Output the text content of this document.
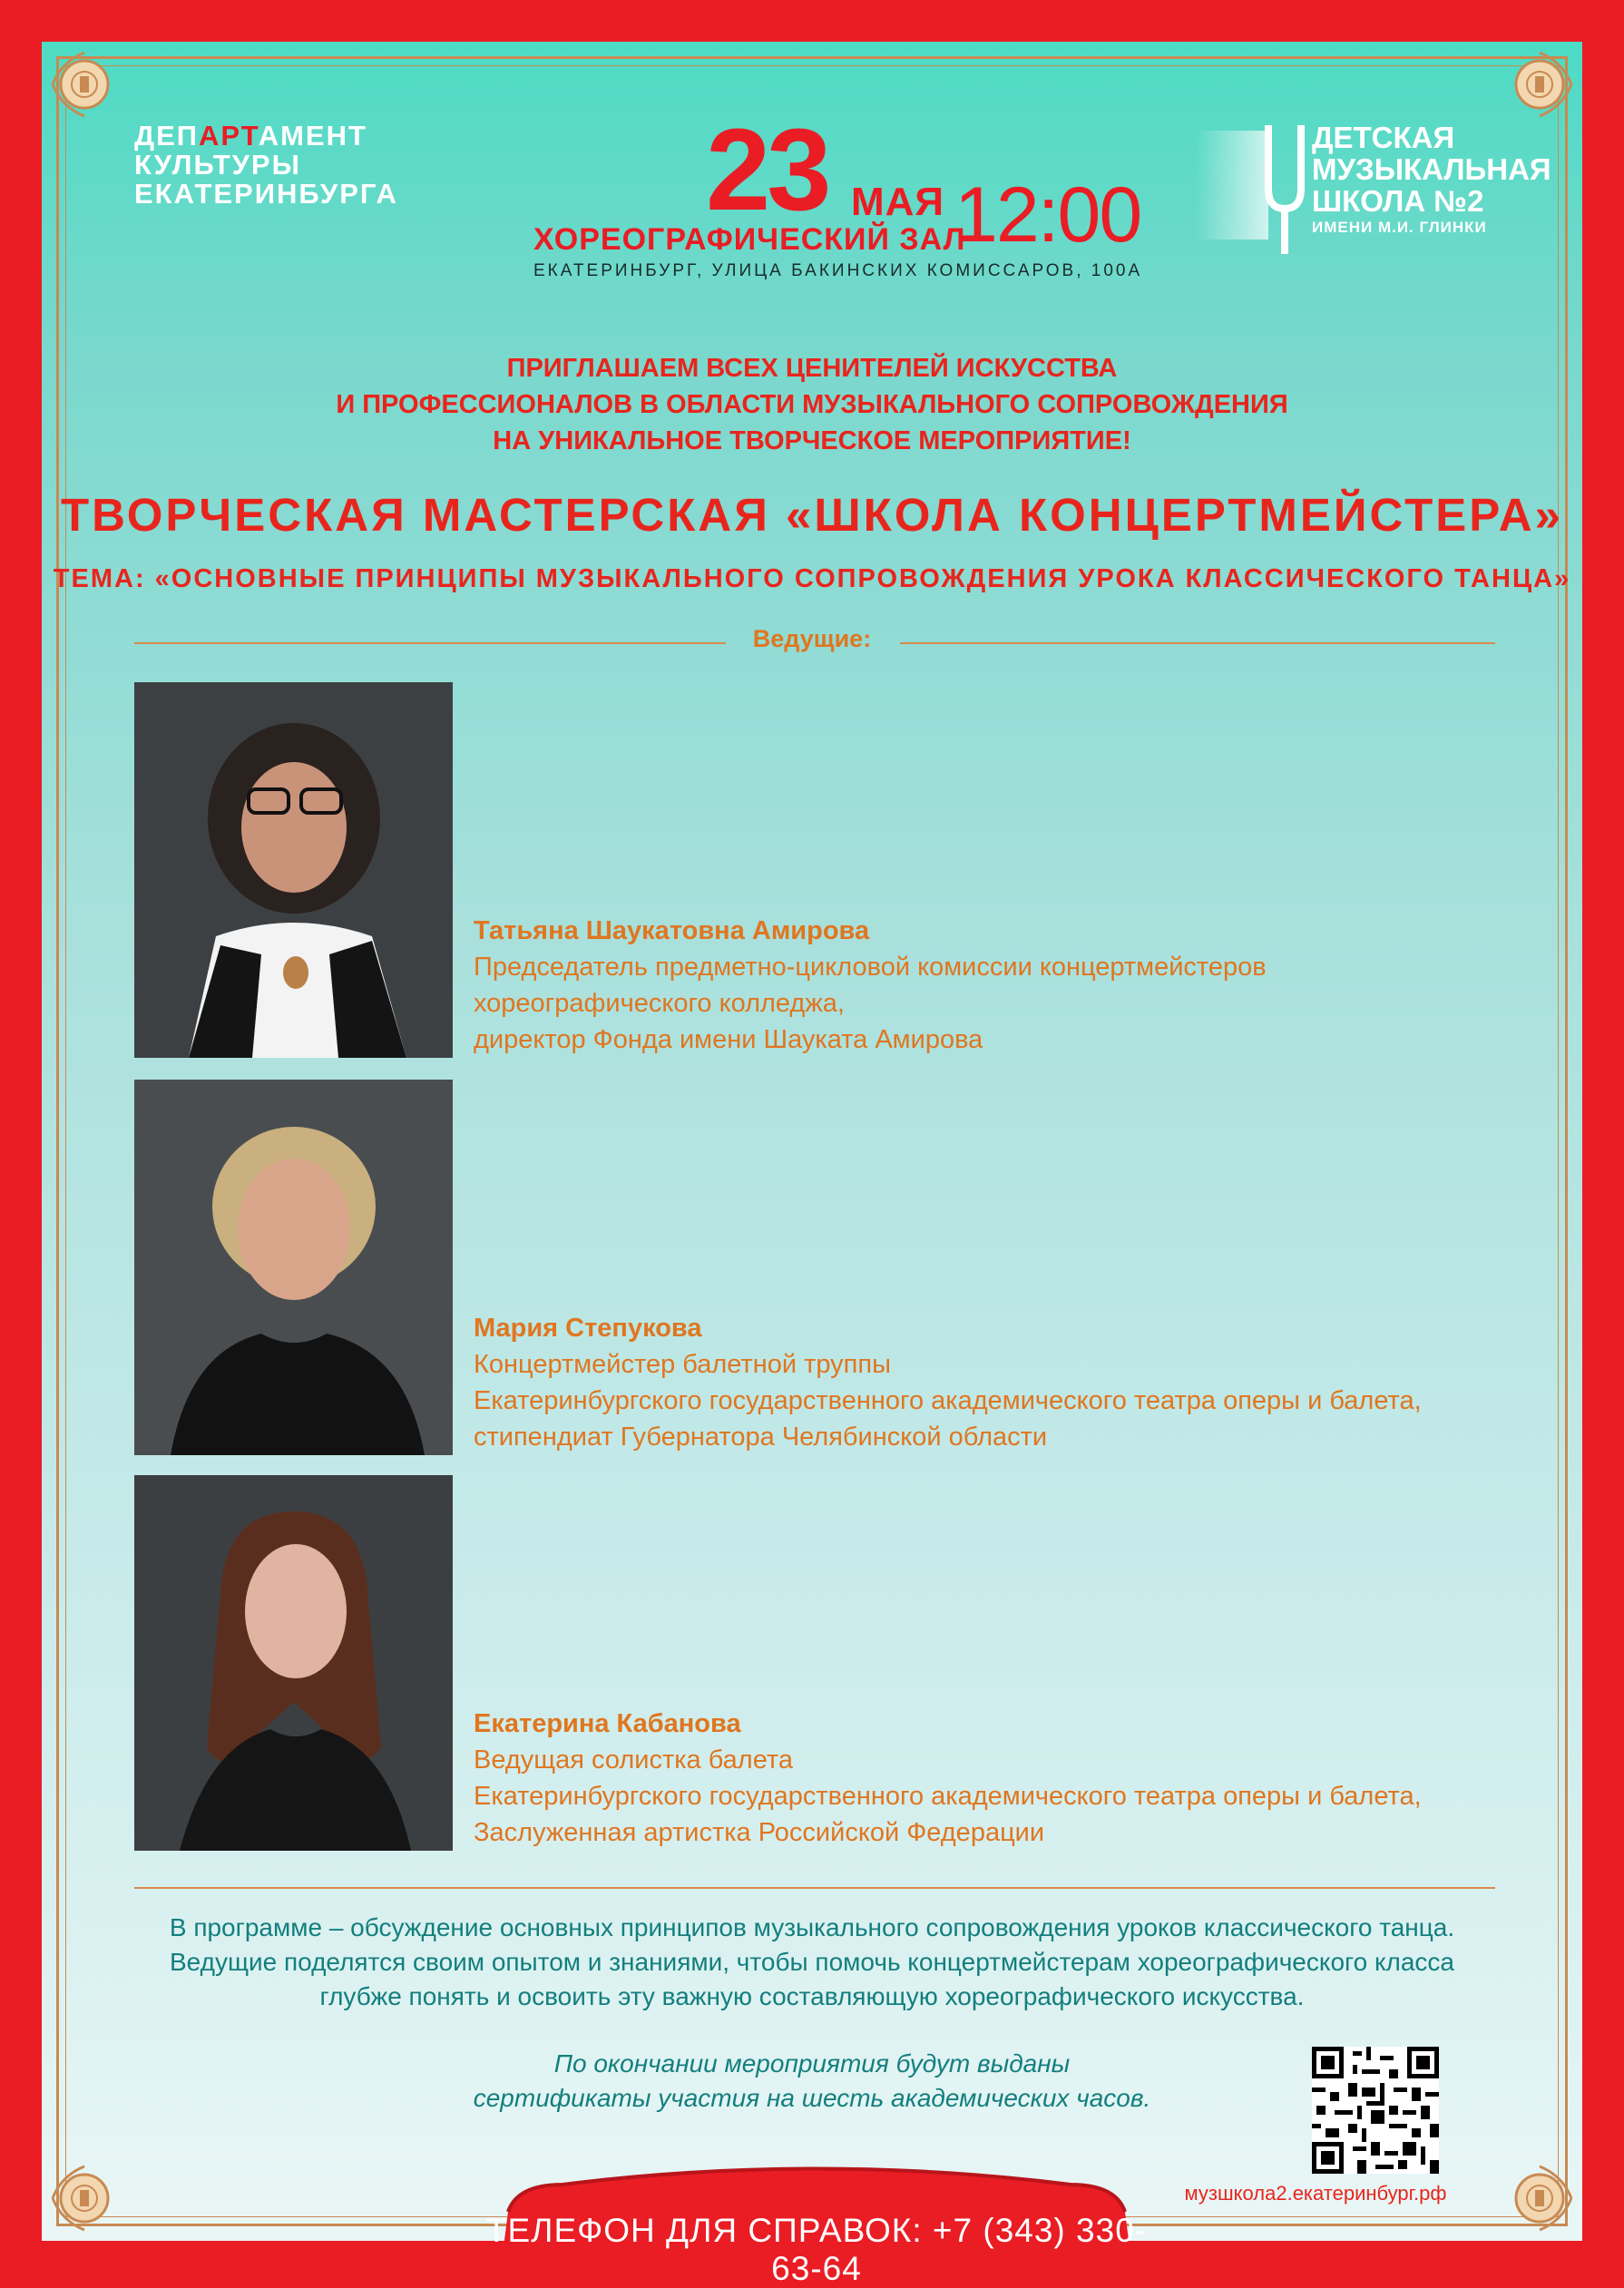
ДЕПАРТАМЕНТ
КУЛЬТУРЫ
ЕКАТЕРИНБУРГА	23 МАЯ 12:00
ХОРЕОГРАФИЧЕСКИЙ ЗАЛ
ЕКАТЕРИНБУРГ, УЛИЦА БАКИНСКИХ КОМИССАРОВ, 100А
ДЕТСКАЯ
МУЗЫКАЛЬНАЯ
ШКОЛА №2
ИМЕНИ М.И. ГЛИНКИ
ПРИГЛАШАЕМ ВСЕХ ЦЕНИТЕЛЕЙ ИСКУССТВА
И ПРОФЕССИОНАЛОВ В ОБЛАСТИ МУЗЫКАЛЬНОГО СОПРОВОЖДЕНИЯ
НА УНИКАЛЬНОЕ ТВОРЧЕСКОЕ МЕРОПРИЯТИЕ!
ТВОРЧЕСКАЯ МАСТЕРСКАЯ «ШКОЛА КОНЦЕРТМЕЙСТЕРА»
ТЕМА: «ОСНОВНЫЕ ПРИНЦИПЫ МУЗЫКАЛЬНОГО СОПРОВОЖДЕНИЯ УРОКА КЛАССИЧЕСКОГО ТАНЦА»
Ведущие:
Татьяна Шаукатовна Амирова
Председатель предметно-цикловой комиссии концертмейстеров
хореографического колледжа,
директор Фонда имени Шауката Амирова
Мария Степукова
Концертмейстер балетной труппы
Екатеринбургского государственного академического театра оперы и балета,
стипендиат Губернатора Челябинской области
Екатерина Кабанова
Ведущая солистка балета
Екатеринбургского государственного академического театра оперы и балета,
Заслуженная артистка Российской Федерации
В программе – обсуждение основных принципов музыкального сопровождения уроков классического танца.
Ведущие поделятся своим опытом и знаниями, чтобы помочь концертмейстерам хореографического класса
глубже понять и освоить эту важную составляющую хореографического искусства.
По окончании мероприятия будут выданы
сертификаты участия на шесть академических часов.
музшкола2.екатеринбург.рф
ТЕЛЕФОН ДЛЯ СПРАВОК: +7 (343) 330-63-64
